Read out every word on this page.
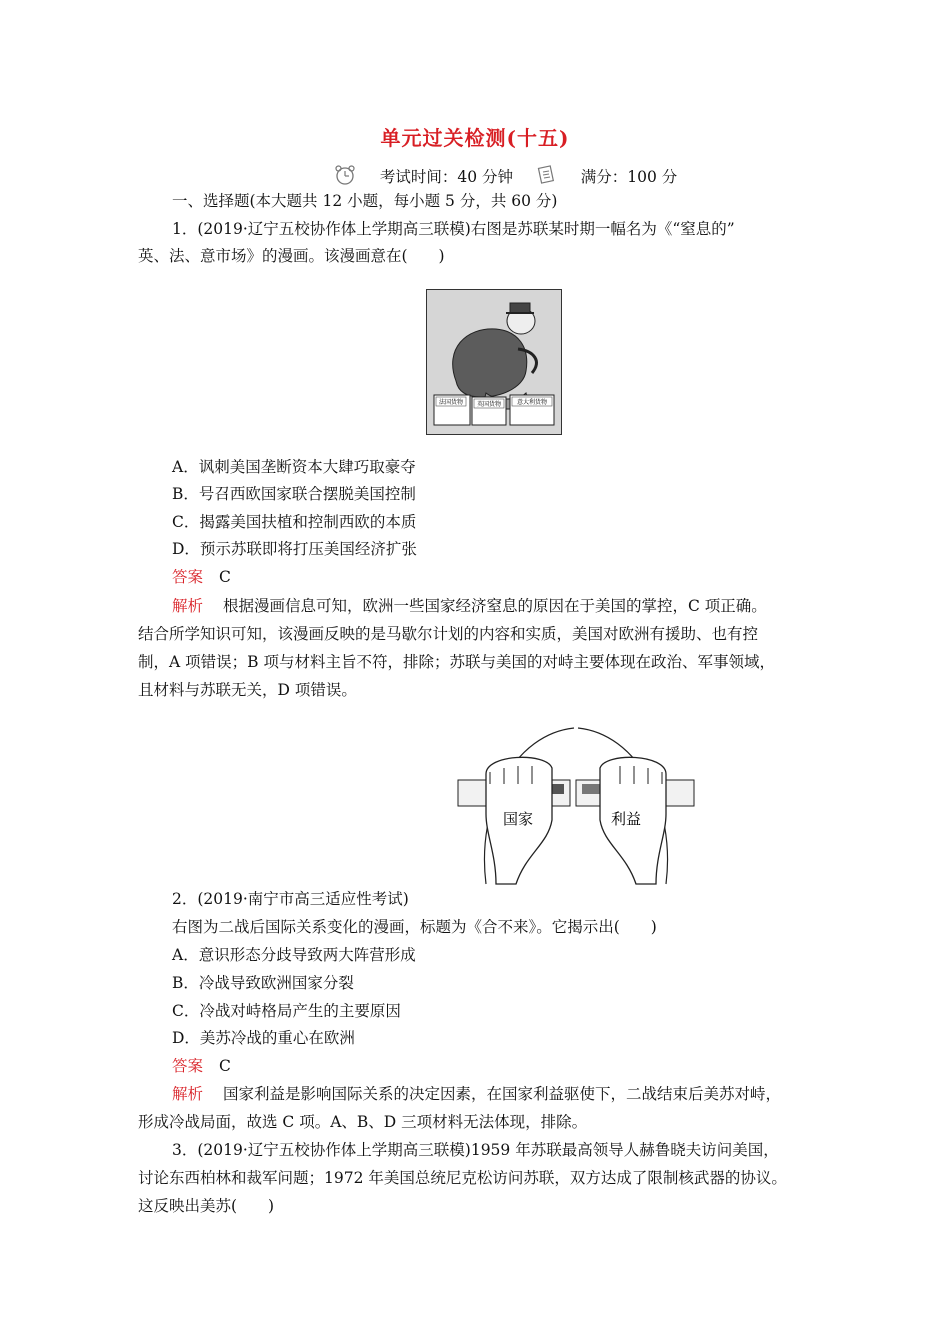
单元过关检测(十五)
考试时间：40 分钟	满分：100 分
一、选择题(本大题共 12 小题，每小题 5 分，共 60 分)
1．(2019·辽宁五校协作体上学期高三联模)右图是苏联某时期一幅名为《“窒息的”
英、法、意市场》的漫画。该漫画意在(　　)
法国货物 英国货物	意大利货物
A．讽刺美国垄断资本大肆巧取豪夺
B．号召西欧国家联合摆脱美国控制
C．揭露美国扶植和控制西欧的本质
D．预示苏联即将打压美国经济扩张
答案 C
解析 根据漫画信息可知，欧洲一些国家经济窒息的原因在于美国的掌控，C 项正确。
结合所学知识可知，该漫画反映的是马歇尔计划的内容和实质，美国对欧洲有援助、也有控
制，A 项错误；B 项与材料主旨不符，排除；苏联与美国的对峙主要体现在政治、军事领域，
且材料与苏联无关，D 项错误。
国家	利益
2．(2019·南宁市高三适应性考试)
右图为二战后国际关系变化的漫画，标题为《合不来》。它揭示出(　　)
A．意识形态分歧导致两大阵营形成
B．冷战导致欧洲国家分裂
C．冷战对峙格局产生的主要原因
D．美苏冷战的重心在欧洲
答案 C
解析 国家利益是影响国际关系的决定因素，在国家利益驱使下，二战结束后美苏对峙，
形成冷战局面，故选 C 项。A、B、D 三项材料无法体现，排除。
3．(2019·辽宁五校协作体上学期高三联模)1959 年苏联最高领导人赫鲁晓夫访问美国，
讨论东西柏林和裁军问题；1972 年美国总统尼克松访问苏联，双方达成了限制核武器的协议。
这反映出美苏(　　)
